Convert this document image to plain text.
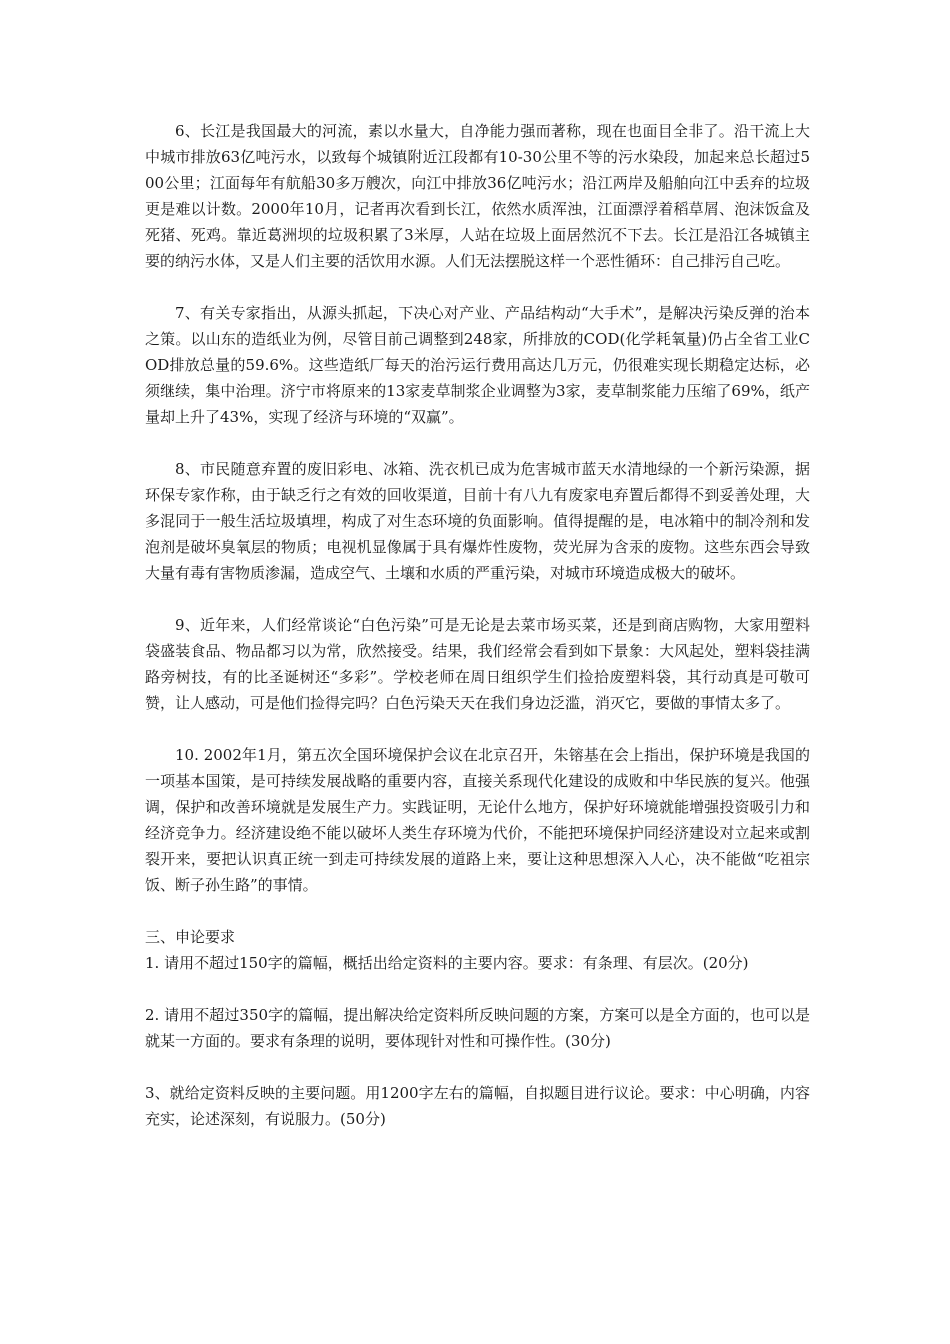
6、长江是我国最大的河流，素以水量大，自净能力强而著称，现在也面目全非了。沿干流上大中城市排放63亿吨污水，以致每个城镇附近江段都有10-30公里不等的污水染段，加起来总长超过500公里；江面每年有航船30多万艘次，向江中排放36亿吨污水；沿江两岸及船舶向江中丢弃的垃圾更是难以计数。2000年10月，记者再次看到长江，依然水质浑浊，江面漂浮着稻草屑、泡沫饭盒及死猪、死鸡。靠近葛洲坝的垃圾积累了3米厚，人站在垃圾上面居然沉不下去。长江是沿江各城镇主要的纳污水体，又是人们主要的活饮用水源。人们无法摆脱这样一个恶性循环：自己排污自己吃。

7、有关专家指出，从源头抓起，下决心对产业、产品结构动“大手术”，是解决污染反弹的治本之策。以山东的造纸业为例，尽管目前己调整到248家，所排放的COD(化学耗氧量)仍占全省工业COD排放总量的59.6%。这些造纸厂每天的治污运行费用高达几万元，仍很难实现长期稳定达标，必须继续，集中治理。济宁市将原来的13家麦草制浆企业调整为3家，麦草制浆能力压缩了69%，纸产量却上升了43%，实现了经济与环境的“双赢”。

8、市民随意弃置的废旧彩电、冰箱、洗衣机已成为危害城市蓝天水清地绿的一个新污染源，据环保专家作称，由于缺乏行之有效的回收渠道，目前十有八九有废家电弃置后都得不到妥善处理，大多混同于一般生活垃圾填埋，构成了对生态环境的负面影响。值得提醒的是，电冰箱中的制冷剂和发泡剂是破坏臭氧层的物质；电视机显像属于具有爆炸性废物，荧光屏为含汞的废物。这些东西会导致大量有毒有害物质渗漏，造成空气、土壤和水质的严重污染，对城市环境造成极大的破坏。

9、近年来，人们经常谈论“白色污染”可是无论是去菜市场买菜，还是到商店购物，大家用塑料袋盛装食品、物品都习以为常，欣然接受。结果，我们经常会看到如下景象：大风起处，塑料袋挂满路旁树技，有的比圣诞树还“多彩”。学校老师在周日组织学生们捡拾废塑料袋，其行动真是可敬可赞，让人感动，可是他们捡得完吗？白色污染天天在我们身边泛滥，消灭它，要做的事情太多了。

10. 2002年1月，第五次全国环境保护会议在北京召开，朱镕基在会上指出，保护环境是我国的一项基本国策，是可持续发展战略的重要内容，直接关系现代化建设的成败和中华民族的复兴。他强调，保护和改善环境就是发展生产力。实践证明，无论什么地方，保护好环境就能增强投资吸引力和经济竞争力。经济建设绝不能以破坏人类生存环境为代价，不能把环境保护同经济建设对立起来或割裂开来，要把认识真正统一到走可持续发展的道路上来，要让这种思想深入人心，决不能做“吃祖宗饭、断子孙生路”的事情。

三、申论要求

1. 请用不超过150字的篇幅，概括出给定资料的主要内容。要求：有条理、有层次。(20分)

2. 请用不超过350字的篇幅，提出解决给定资料所反映问题的方案，方案可以是全方面的，也可以是就某一方面的。要求有条理的说明，要体现针对性和可操作性。(30分)

3、就给定资料反映的主要问题。用1200字左右的篇幅，自拟题目进行议论。要求：中心明确，内容充实，论述深刻，有说服力。(50分)
